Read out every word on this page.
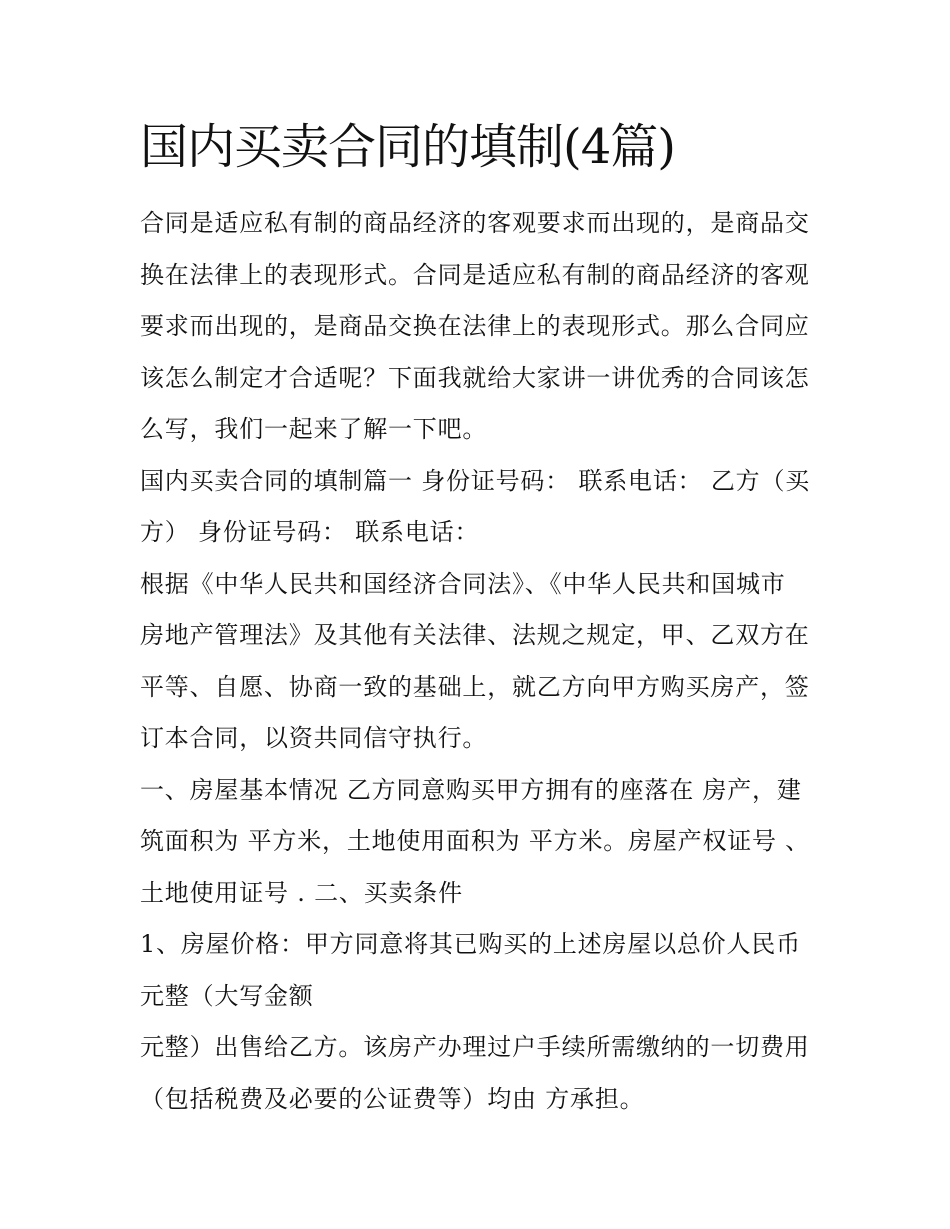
国内买卖合同的填制(4篇)

合同是适应私有制的商品经济的客观要求而出现的，是商品交
换在法律上的表现形式。合同是适应私有制的商品经济的客观
要求而出现的，是商品交换在法律上的表现形式。那么合同应
该怎么制定才合适呢？下面我就给大家讲一讲优秀的合同该怎
么写，我们一起来了解一下吧。

国内买卖合同的填制篇一 身份证号码： 联系电话： 乙方（买
方） 身份证号码： 联系电话：

根据《中华人民共和国经济合同法》、《中华人民共和国城市
房地产管理法》及其他有关法律、法规之规定，甲、乙双方在
平等、自愿、协商一致的基础上，就乙方向甲方购买房产，签
订本合同，以资共同信守执行。

一、房屋基本情况 乙方同意购买甲方拥有的座落在 房产，建
筑面积为 平方米，土地使用面积为 平方米。房屋产权证号 、
土地使用证号 . 二、买卖条件

1、房屋价格：甲方同意将其已购买的上述房屋以总价人民币
元整（大写金额

元整）出售给乙方。该房产办理过户手续所需缴纳的一切费用
（包括税费及必要的公证费等）均由 方承担。
